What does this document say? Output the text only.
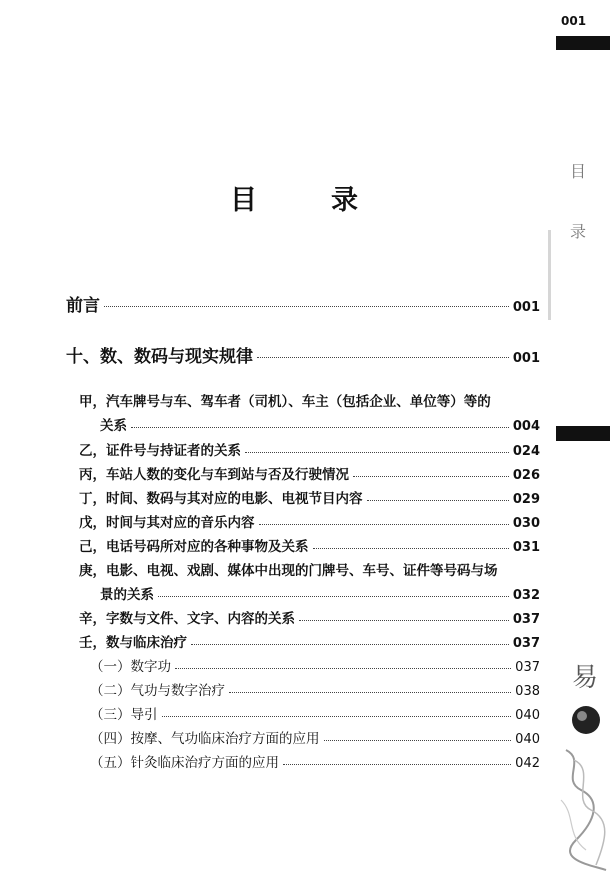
001
目
录
易
目	录
前言	001
十、数、数码与现实规律	001
甲，汽车牌号与车、驾车者（司机）、车主（包括企业、单位等）等的
关系	004
乙，证件号与持证者的关系	024
丙，车站人数的变化与车到站与否及行驶情况	026
丁，时间、数码与其对应的电影、电视节目内容	029
戊，时间与其对应的音乐内容	030
己，电话号码所对应的各种事物及关系	031
庚，电影、电视、戏剧、媒体中出现的门牌号、车号、证件等号码与场
景的关系	032
辛，字数与文件、文字、内容的关系	037
壬，数与临床治疗	037
（一）数字功	037
（二）气功与数字治疗	038
（三）导引	040
（四）按摩、气功临床治疗方面的应用	040
（五）针灸临床治疗方面的应用	042
